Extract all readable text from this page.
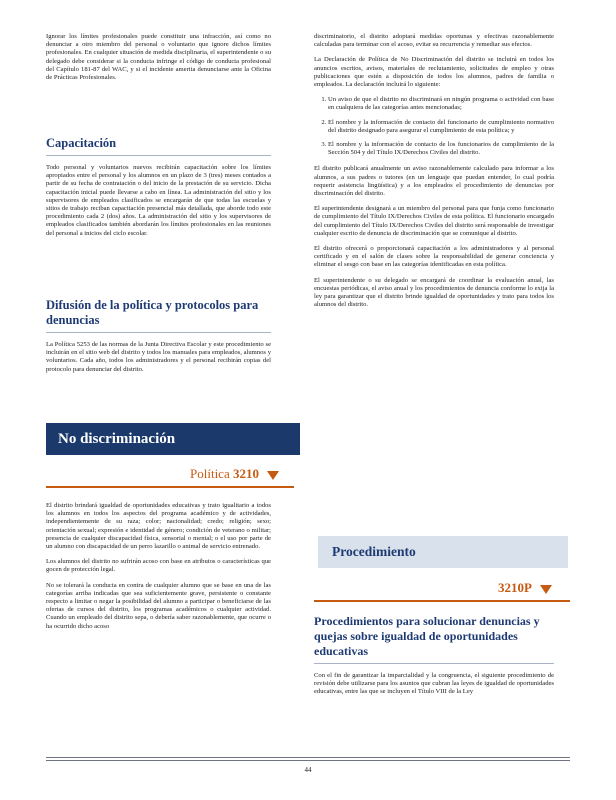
Ignorar los límites profesionales puede constituir una infracción, así como no denunciar a otro miembro del personal o voluntario que ignore dichos límites profesionales. En cualquier situación de medida disciplinaria, el superintendente o su delegado debe considerar si la conducta infringe el código de conducta profesional del Capítulo 181-87 del WAC, y si el incidente amerita denunciarse ante la Oficina de Prácticas Profesionales.

Capacitación

Todo personal y voluntarios nuevos recibirán capacitación sobre los límites apropiados entre el personal y los alumnos en un plazo de 3 (tres) meses contados a partir de su fecha de contratación o del inicio de la prestación de su servicio. Dicha capacitación inicial puede llevarse a cabo en línea. La administración del sitio y los supervisores de empleados clasificados se encargarán de que todas las escuelas y sitios de trabajo reciban capacitación presencial más detallada, que aborde todo este procedimiento cada 2 (dos) años. La administración del sitio y los supervisores de empleados clasificados también abordarán los límites profesionales en las reuniones del personal a inicios del ciclo escolar.

Difusión de la política y protocolos para denuncias

La Política 5253 de las normas de la Junta Directiva Escolar y este procedimiento se incluirán en el sitio web del distrito y todos los manuales para empleados, alumnos y voluntarios. Cada año, todos los administradores y el personal recibirán copias del protocolo para denunciar del distrito.

No discriminación
Política 3210

El distrito brindará igualdad de oportunidades educativas y trato igualitario a todos los alumnos en todos los aspectos del programa académico y de actividades, independientemente de su raza; color; nacionalidad; credo; religión; sexo; orientación sexual; expresión e identidad de género; condición de veterano o militar; presencia de cualquier discapacidad física, sensorial o mental; o el uso por parte de un alumno con discapacidad de un perro lazarillo o animal de servicio entrenado.

Los alumnos del distrito no sufrirán acoso con base en atributos o características que gocen de protección legal.

No se tolerará la conducta en contra de cualquier alumno que se base en una de las categorías arriba indicadas que sea suficientemente grave, persistente o constante respecto a limitar o negar la posibilidad del alumno a participar o beneficiarse de las ofertas de cursos del distrito, los programas académicos o cualquier actividad. Cuando un empleado del distrito sepa, o debería saber razonablemente, que ocurre o ha ocurrido dicho acoso

discriminatorio, el distrito adoptará medidas oportunas y efectivas razonablemente calculadas para terminar con el acoso, evitar su recurrencia y remediar sus efectos.

La Declaración de Política de No Discriminación del distrito se incluirá en todos los anuncios escritos, avisos, materiales de reclutamiento, solicitudes de empleo y otras publicaciones que estén a disposición de todos los alumnos, padres de familia o empleados. La declaración incluirá lo siguiente:

1. Un aviso de que el distrito no discriminará en ningún programa o actividad con base en cualquiera de las categorías antes mencionadas;
2. El nombre y la información de contacto del funcionario de cumplimiento normativo del distrito designado para asegurar el cumplimiento de esta política; y
3. El nombre y la información de contacto de los funcionarios de cumplimiento de la Sección 504 y del Título IX/Derechos Civiles del distrito.

El distrito publicará anualmente un aviso razonablemente calculado para informar a los alumnos, a sus padres o tutores (en un lenguaje que puedan entender, lo cual podría requerir asistencia lingüística) y a los empleados el procedimiento de denuncias por discriminación del distrito.

El superintendente designará a un miembro del personal para que funja como funcionario de cumplimiento del Título IX/Derechos Civiles de esta política. El funcionario encargado del cumplimiento del Título IX/Derechos Civiles del distrito será responsable de investigar cualquier escrito de denuncia de discriminación que se comunique al distrito.

El distrito ofrecerá o proporcionará capacitación a los administradores y al personal certificado y en el salón de clases sobre la responsabilidad de generar conciencia y eliminar el sesgo con base en las categorías identificadas en esta política.

El superintendente o su delegado se encargará de coordinar la evaluación anual, las encuestas periódicas, el aviso anual y los procedimientos de denuncia conforme lo exija la ley para garantizar que el distrito brinde igualdad de oportunidades y trato para todos los alumnos del distrito.

Procedimiento
3210P
Procedimientos para solucionar denuncias y quejas sobre igualdad de oportunidades educativas

Con el fin de garantizar la imparcialidad y la congruencia, el siguiente procedimiento de revisión debe utilizarse para los asuntos que cubran las leyes de igualdad de oportunidades educativas, entre las que se incluyen el Título VIII de la Ley

44
